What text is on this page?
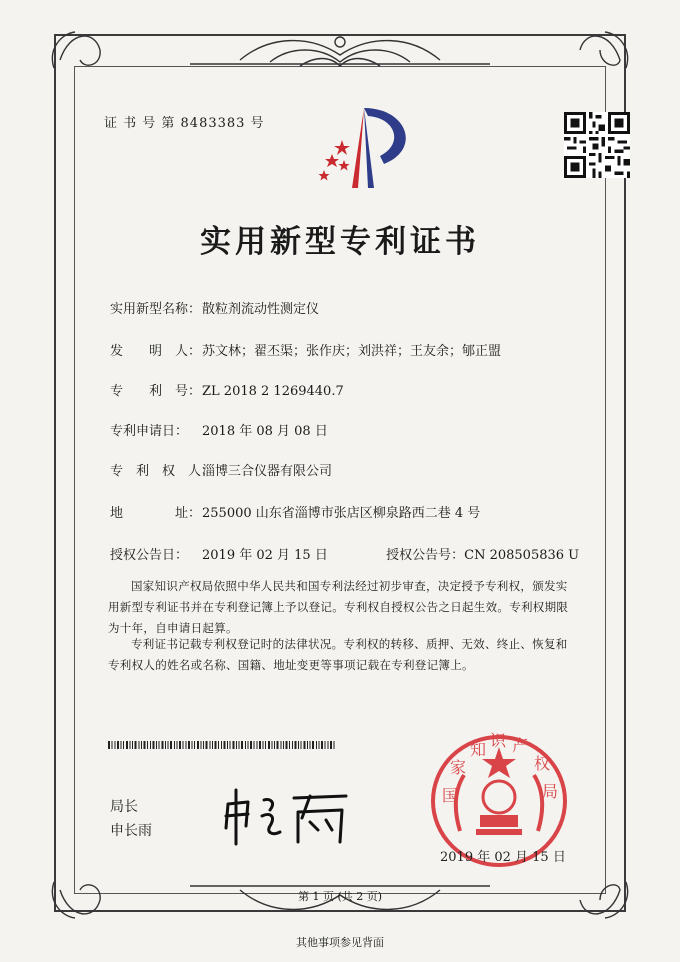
证 书 号 第 8483383 号
实用新型专利证书
实用新型名称：散粒剂流动性测定仪
发　　明　人：苏文林；翟丕渠；张作庆；刘洪祥；王友余；郇正盟
专　　利　号：ZL 2018 2 1269440.7
专利申请日： 2018 年 08 月 08 日
专　利　权　人：淄博三合仪器有限公司
地　　　　址：255000 山东省淄博市张店区柳泉路西二巷 4 号
授权公告日： 2019 年 02 月 15 日	授权公告号：CN 208505836 U
国家知识产权局依照中华人民共和国专利法经过初步审查，决定授予专利权，颁发实用新型专利证书并在专利登记簿上予以登记。专利权自授权公告之日起生效。专利权期限为十年，自申请日起算。
专利证书记载专利权登记时的法律状况。专利权的转移、质押、无效、终止、恢复和专利权人的姓名或名称、国籍、地址变更等事项记载在专利登记簿上。
局长
申长雨
国
家
知 识 产
权
局
2019 年 02 月 15 日
第 1 页 (共 2 页)
其他事项参见背面
